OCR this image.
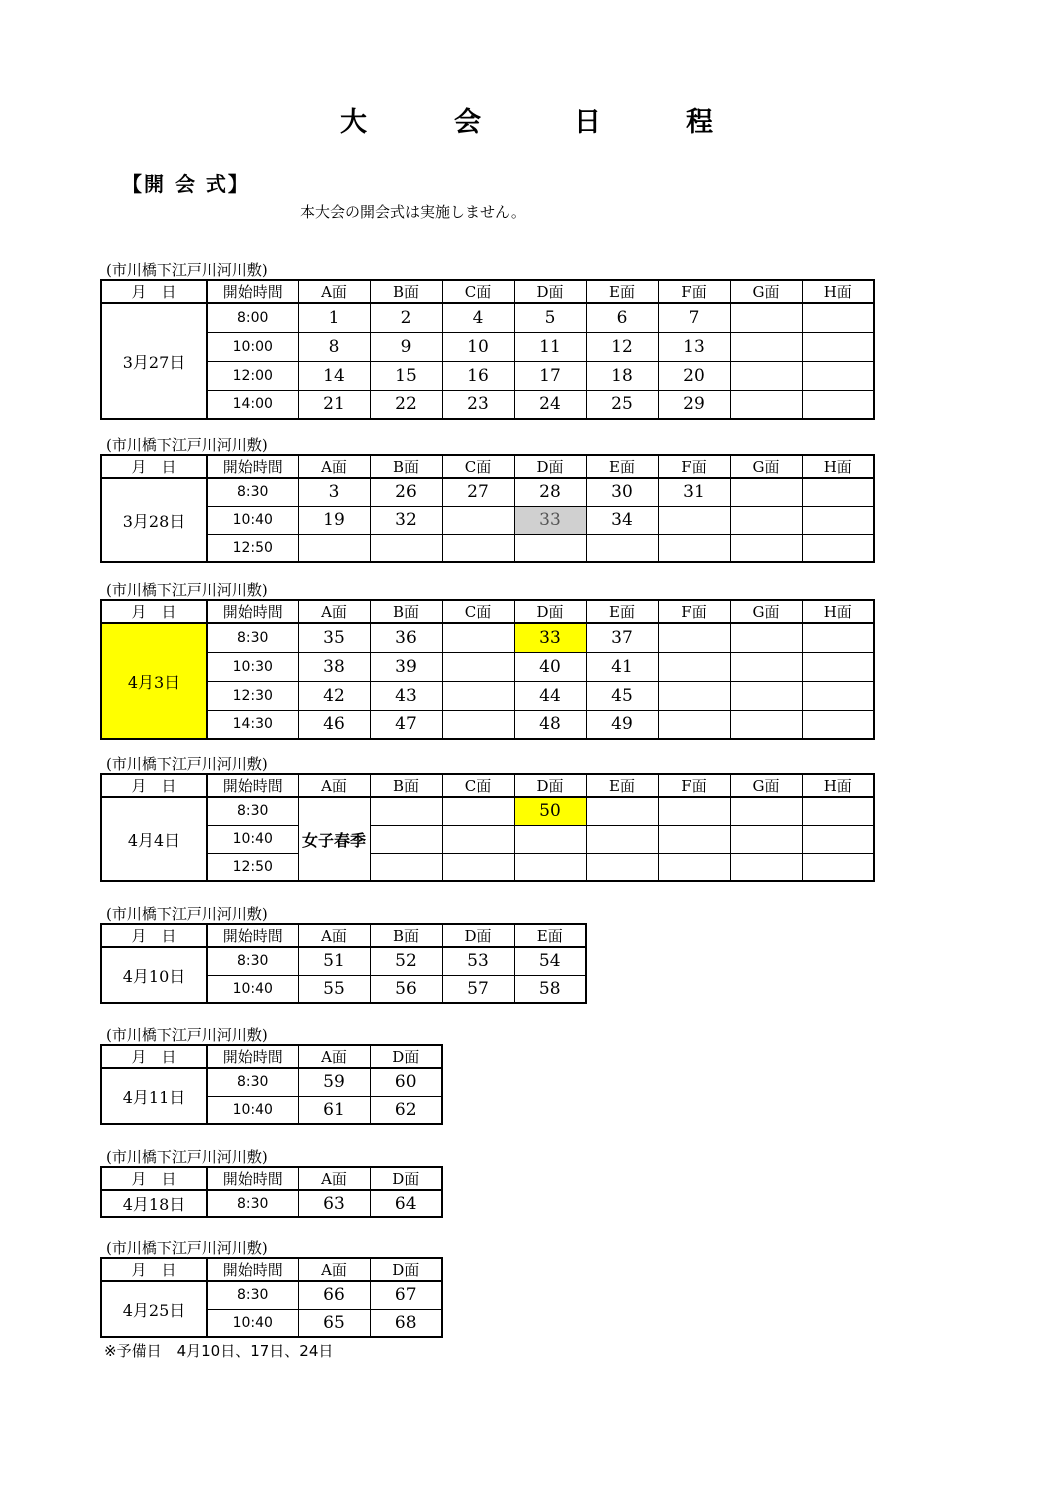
大	会	日	程
【開 会 式】
本大会の開会式は実施しません。
(市川橋下江戸川河川敷)
月　日	開始時間	A面	B面	C面	D面	E面	F面	G面	H面
3月27日	8:00	1	2	4	5	6	7		
	10:00	8	9	10	11	12	13		
	12:00	14	15	16	17	18	20		
	14:00	21	22	23	24	25	29		
(市川橋下江戸川河川敷)
月　日	開始時間	A面	B面	C面	D面	E面	F面	G面	H面
3月28日	8:30	3	26	27	28	30	31		
	10:40	19	32		33	34			
	12:50								
(市川橋下江戸川河川敷)
月　日	開始時間	A面	B面	C面	D面	E面	F面	G面	H面
4月3日	8:30	35	36		33	37			
	10:30	38	39		40	41			
	12:30	42	43		44	45			
	14:30	46	47		48	49			
(市川橋下江戸川河川敷)
月　日	開始時間	A面	B面	C面	D面	E面	F面	G面	H面
4月4日	8:30	女子春季			50				
	10:40								
	12:50								
(市川橋下江戸川河川敷)
月　日	開始時間	A面	B面	D面	E面
4月10日	8:30	51	52	53	54
	10:40	55	56	57	58
(市川橋下江戸川河川敷)
月　日	開始時間	A面	D面
4月11日	8:30	59	60
	10:40	61	62
(市川橋下江戸川河川敷)
月　日	開始時間	A面	D面
4月18日	8:30	63	64
(市川橋下江戸川河川敷)
月　日	開始時間	A面	D面
4月25日	8:30	66	67
	10:40	65	68
※予備日　4月10日、17日、24日
